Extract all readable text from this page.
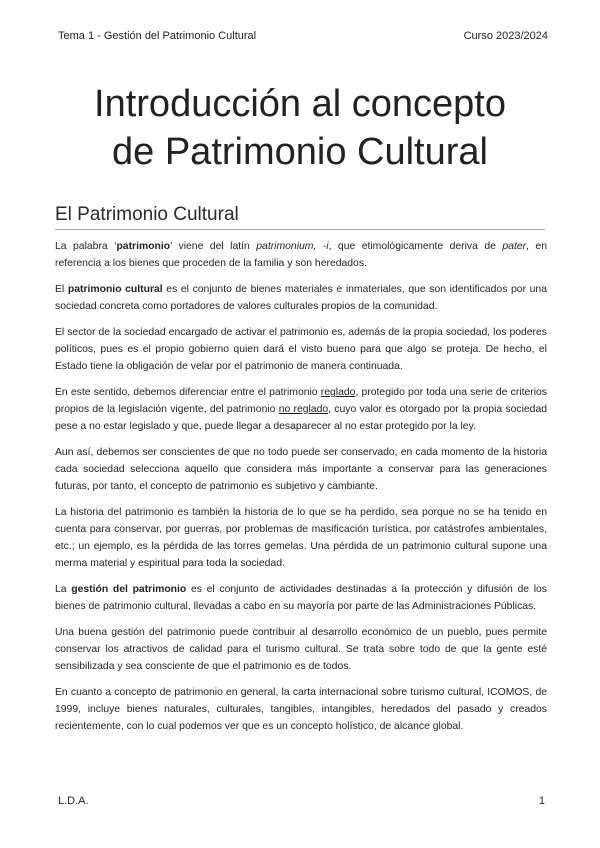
Tema 1 - Gestión del Patrimonio Cultural	Curso 2023/2024
Introducción al concepto
de Patrimonio Cultural
El Patrimonio Cultural

La palabra ‘patrimonio’ viene del latín patrimonium, -i, que etimológicamente deriva de pater, en referencia a los bienes que proceden de la familia y son heredados.

El patrimonio cultural es el conjunto de bienes materiales e inmateriales, que son identificados por una sociedad concreta como portadores de valores culturales propios de la comunidad.

El sector de la sociedad encargado de activar el patrimonio es, además de la propia sociedad, los poderes políticos, pues es el propio gobierno quien dará el visto bueno para que algo se proteja. De hecho, el Estado tiene la obligación de velar por el patrimonio de manera continuada.

En este sentido, debemos diferenciar entre el patrimonio reglado, protegido por toda una serie de criterios propios de la legislación vigente, del patrimonio no reglado, cuyo valor es otorgado por la propia sociedad pese a no estar legislado y que, puede llegar a desaparecer al no estar protegido por la ley.

Aun así, debemos ser conscientes de que no todo puede ser conservado, en cada momento de la historia cada sociedad selecciona aquello que considera más importante a conservar para las generaciones futuras, por tanto, el concepto de patrimonio es subjetivo y cambiante.

La historia del patrimonio es también la historia de lo que se ha perdido, sea porque no se ha tenido en cuenta para conservar, por guerras, por problemas de masificación turística, por catástrofes ambientales, etc.; un ejemplo, es la pérdida de las torres gemelas. Una pérdida de un patrimonio cultural supone una merma material y espiritual para toda la sociedad.

La gestión del patrimonio es el conjunto de actividades destinadas a la protección y difusión de los bienes de patrimonio cultural, llevadas a cabo en su mayoría por parte de las Administraciones Públicas.

Una buena gestión del patrimonio puede contribuir al desarrollo económico de un pueblo, pues permite conservar los atractivos de calidad para el turismo cultural. Se trata sobre todo de que la gente esté sensibilizada y sea consciente de que el patrimonio es de todos.

En cuanto a concepto de patrimonio en general, la carta internacional sobre turismo cultural, ICOMOS, de 1999, incluye bienes naturales, culturales, tangibles, intangibles, heredados del pasado y creados recientemente, con lo cual podemos ver que es un concepto holístico, de alcance global.

L.D.A.	1
